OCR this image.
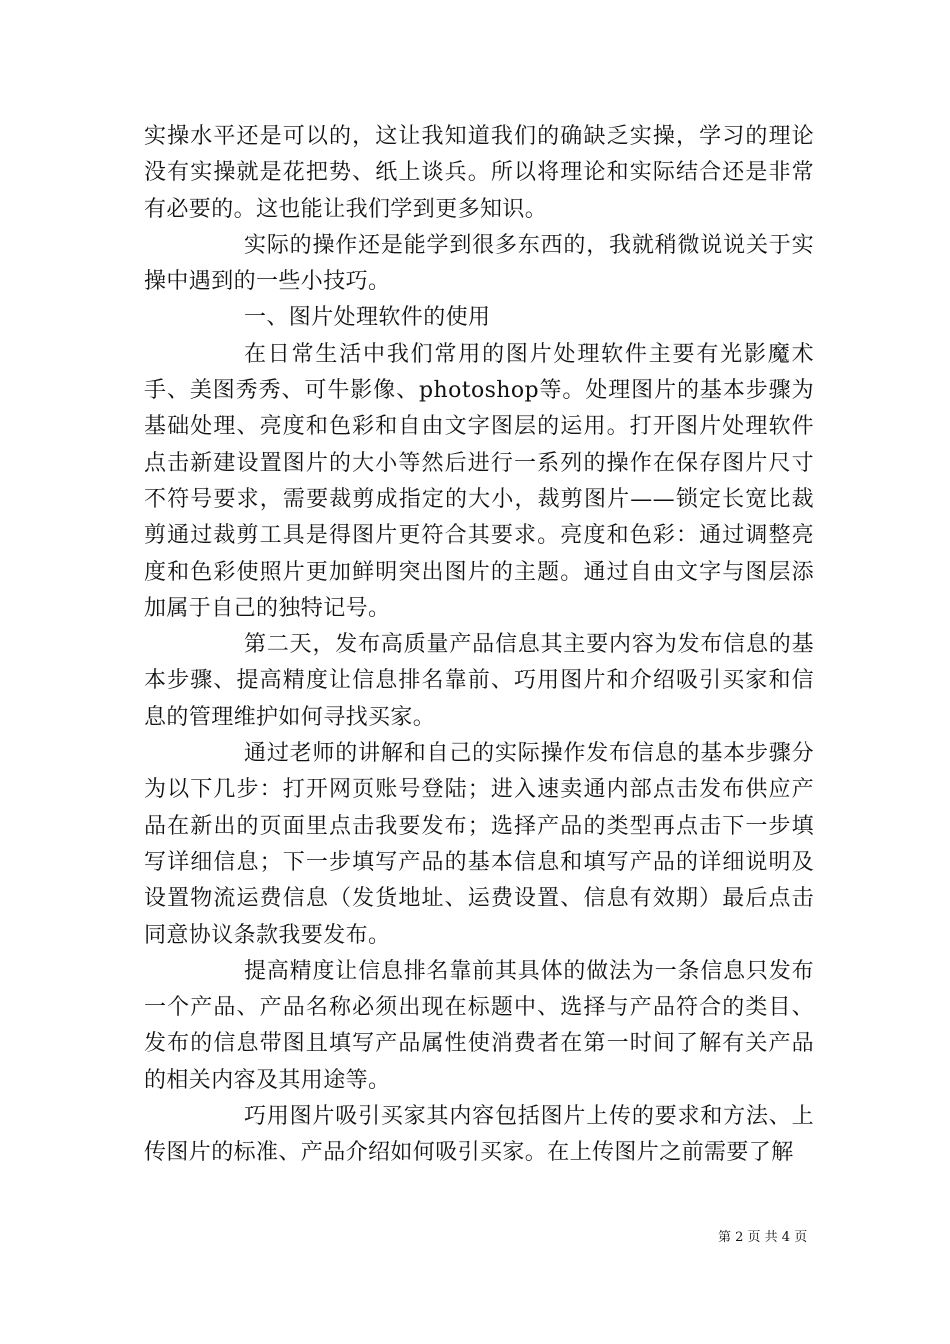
实操水平还是可以的，这让我知道我们的确缺乏实操，学习的理论没有实操就是花把势、纸上谈兵。所以将理论和实际结合还是非常有必要的。这也能让我们学到更多知识。

实际的操作还是能学到很多东西的，我就稍微说说关于实操中遇到的一些小技巧。

一、图片处理软件的使用

在日常生活中我们常用的图片处理软件主要有光影魔术手、美图秀秀、可牛影像、photoshop等。处理图片的基本步骤为基础处理、亮度和色彩和自由文字图层的运用。打开图片处理软件点击新建设置图片的大小等然后进行一系列的操作在保存图片尺寸不符号要求，需要裁剪成指定的大小，裁剪图片——锁定长宽比裁剪通过裁剪工具是得图片更符合其要求。亮度和色彩：通过调整亮度和色彩使照片更加鲜明突出图片的主题。通过自由文字与图层添加属于自己的独特记号。

第二天，发布高质量产品信息其主要内容为发布信息的基本步骤、提高精度让信息排名靠前、巧用图片和介绍吸引买家和信息的管理维护如何寻找买家。

通过老师的讲解和自己的实际操作发布信息的基本步骤分为以下几步：打开网页账号登陆；进入速卖通内部点击发布供应产品在新出的页面里点击我要发布；选择产品的类型再点击下一步填写详细信息；下一步填写产品的基本信息和填写产品的详细说明及设置物流运费信息（发货地址、运费设置、信息有效期）最后点击同意协议条款我要发布。

提高精度让信息排名靠前其具体的做法为一条信息只发布一个产品、产品名称必须出现在标题中、选择与产品符合的类目、发布的信息带图且填写产品属性使消费者在第一时间了解有关产品的相关内容及其用途等。

巧用图片吸引买家其内容包括图片上传的要求和方法、上传图片的标准、产品介绍如何吸引买家。在上传图片之前需要了解

第 2 页 共 4 页
